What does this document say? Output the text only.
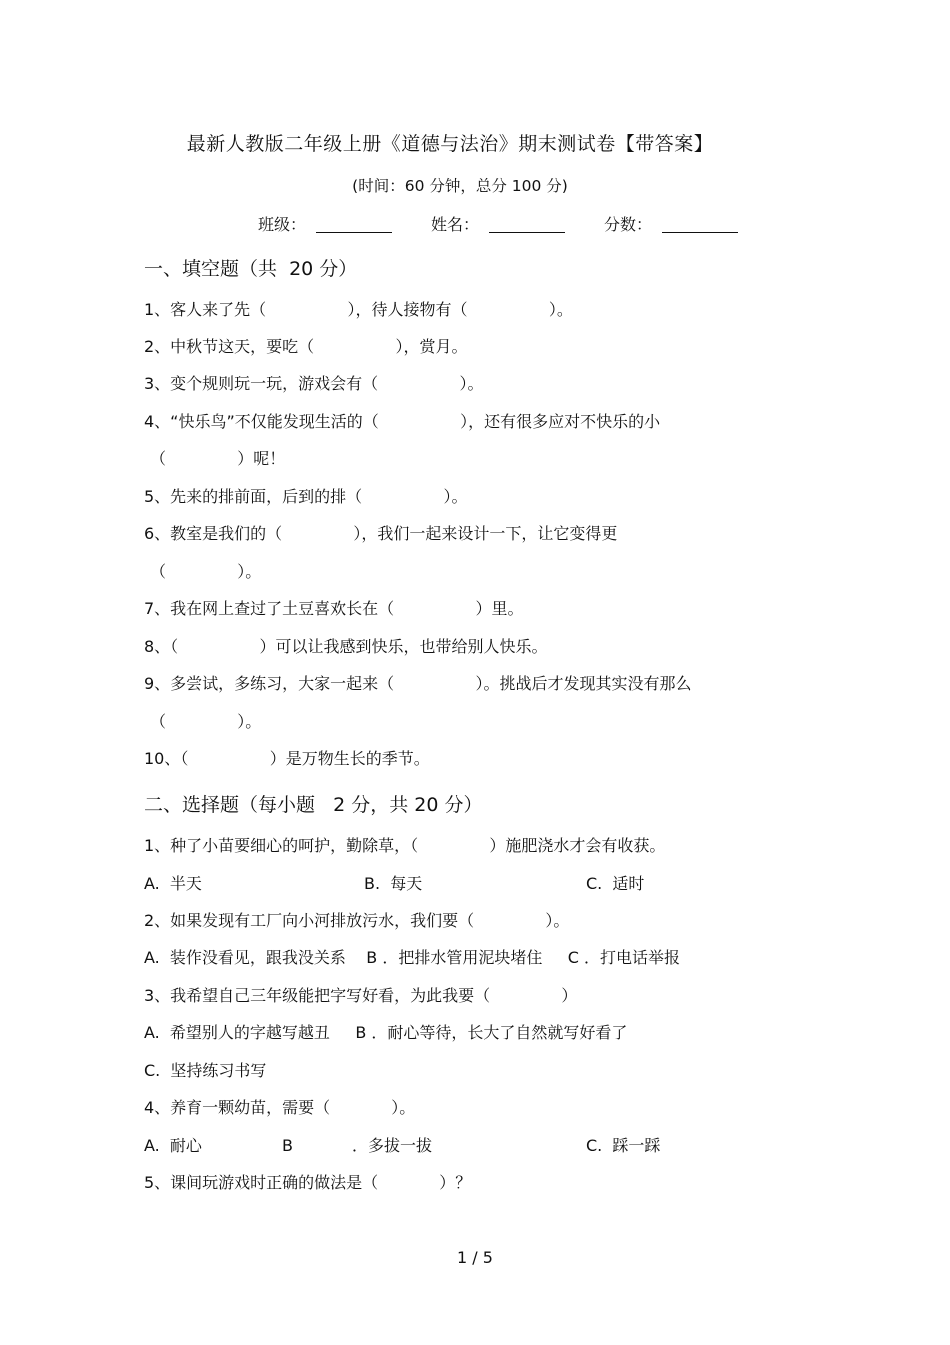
最新人教版二年级上册《道德与法治》期末测试卷【带答案】
(时间：60 分钟，总分 100 分)
班级：	姓名：	分数：
一、填空题（共  20 分）
1、客人来了先（                ），待人接物有（                ）。
2、中秋节这天，要吃（                ），赏月。
3、变个规则玩一玩，游戏会有（                ）。
4、“快乐鸟”不仅能发现生活的（                ），还有很多应对不快乐的小
（              ）呢！
5、先来的排前面，后到的排（                ）。
6、教室是我们的（              ），我们一起来设计一下，让它变得更
（              ）。
7、我在网上查过了土豆喜欢长在（                ）里。
8、（                ）可以让我感到快乐，也带给别人快乐。
9、多尝试，多练习，大家一起来（                ）。挑战后才发现其实没有那么
（              ）。
10、（                ）是万物生长的季节。
二、选择题（每小题   2 分，共 20 分）
1、种了小苗要细心的呵护，勤除草，（              ）施肥浇水才会有收获。
A.  半天	B.  每天	C.  适时
2、如果发现有工厂向小河排放污水，我们要（              ）。
A.  装作没看见，跟我没关系    B ．把排水管用泥块堵住     C ．打电话举报
3、我希望自己三年级能把字写好看，为此我要（              ）
A.  希望别人的字越写越丑     B ．耐心等待，长大了自然就写好看了
C.  坚持练习书写
4、养育一颗幼苗，需要（            ）。
A.  耐心	B	．多拔一拔	C.  踩一踩
5、课间玩游戏时正确的做法是（            ）？
1 / 5
